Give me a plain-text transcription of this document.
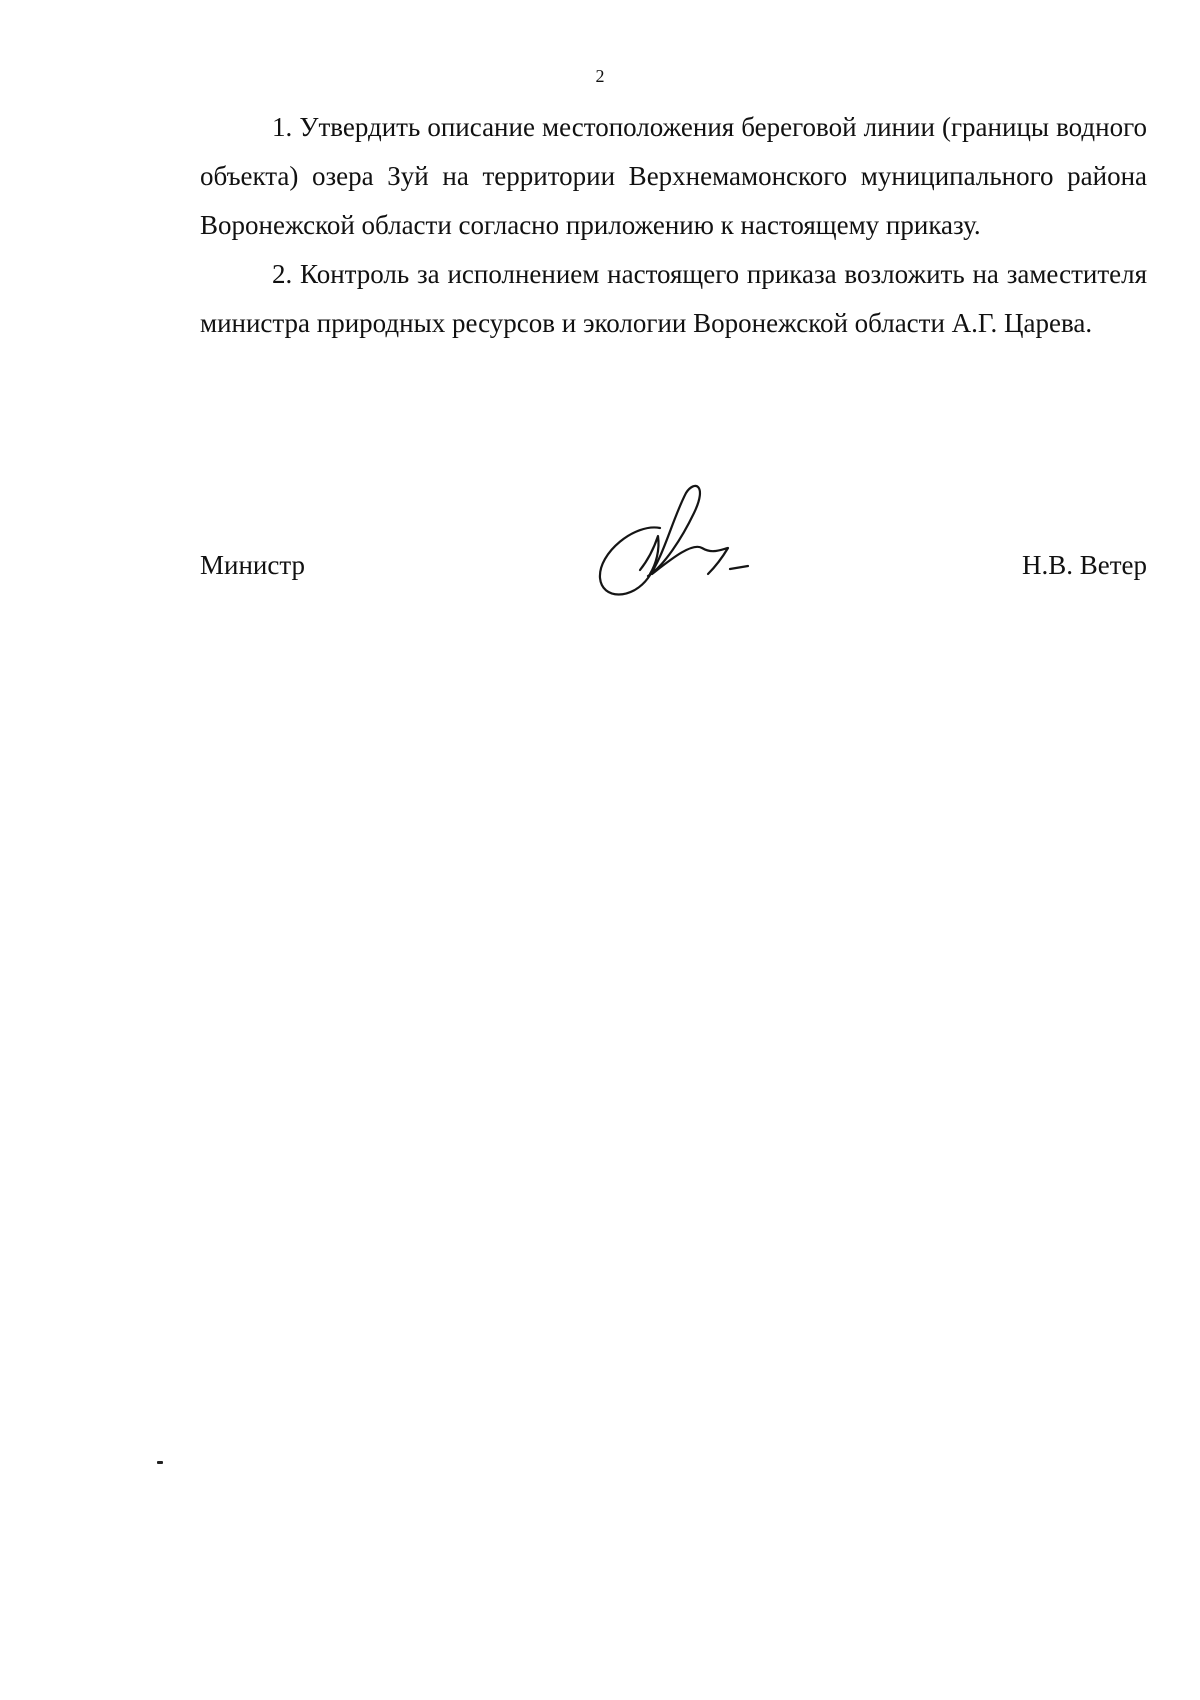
2

1. Утвердить описание местоположения береговой линии (границы водного объекта) озера Зуй на территории Верхнемамонского муниципального района Воронежской области согласно приложению к настоящему приказу.

2. Контроль за исполнением настоящего приказа возложить на заместителя министра природных ресурсов и экологии Воронежской области А.Г. Царева.

Министр	Н.В. Ветер
